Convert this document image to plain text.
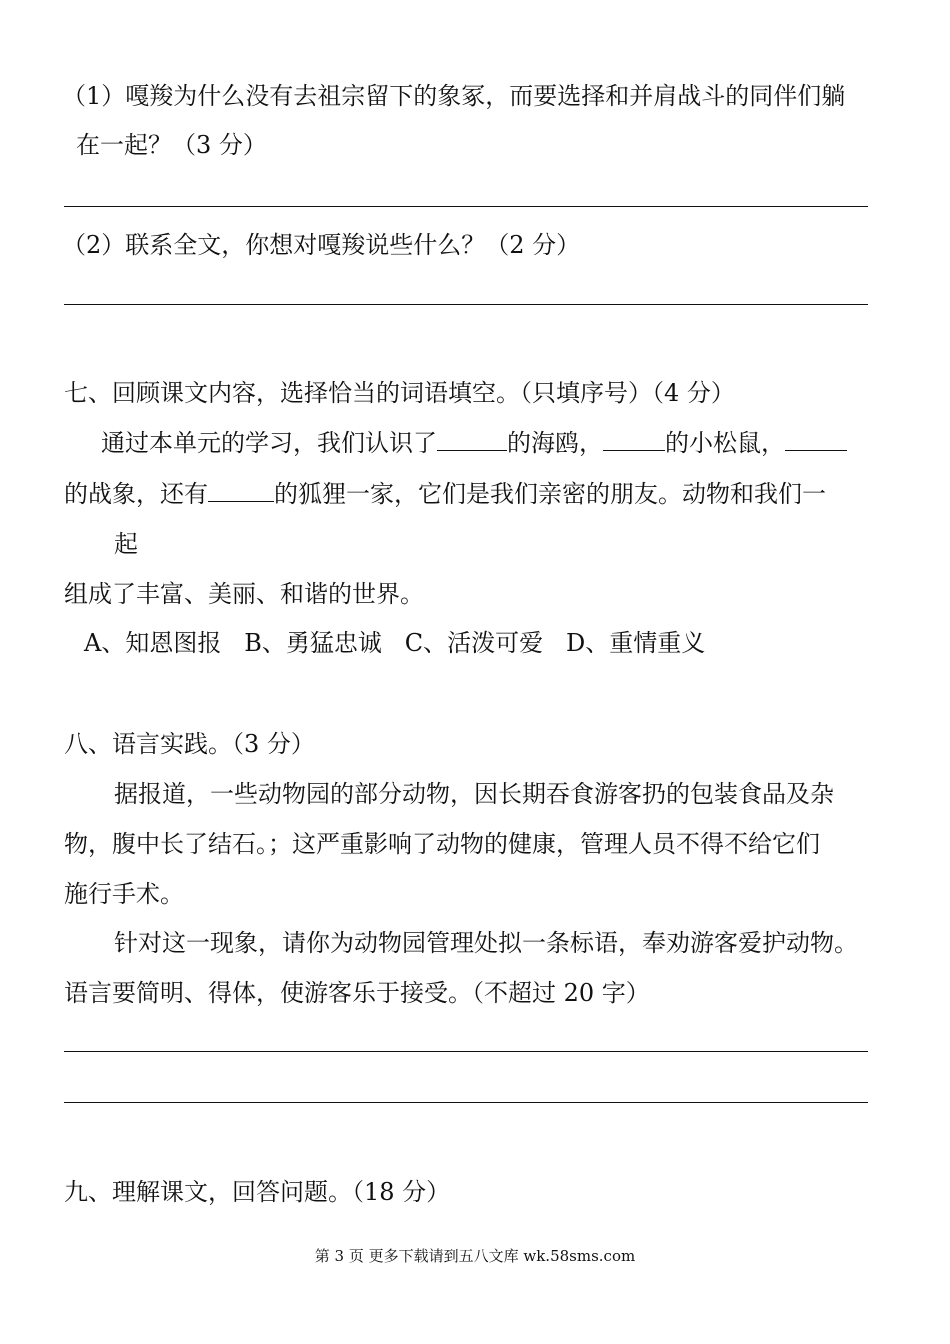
（1）嘎羧为什么没有去祖宗留下的象冢，而要选择和并肩战斗的同伴们躺
在一起？（3 分）
（2）联系全文，你想对嘎羧说些什么？（2 分）
七、回顾课文内容，选择恰当的词语填空。（只填序号）（4 分）
通过本单元的学习，我们认识了	的海鸥，	的小松鼠，
的战象，还有	的狐狸一家，它们是我们亲密的朋友。动物和我们一
起
组成了丰富、美丽、和谐的世界。
A、知恩图报   B、勇猛忠诚   C、活泼可爱   D、重情重义
八、语言实践。（3 分）
据报道，一些动物园的部分动物，因长期吞食游客扔的包装食品及杂
物，腹中长了结石。；这严重影响了动物的健康，管理人员不得不给它们
施行手术。
针对这一现象，请你为动物园管理处拟一条标语，奉劝游客爱护动物。
语言要简明、得体，使游客乐于接受。（不超过 20 字）
九、理解课文，回答问题。（18 分）
第 3 页 更多下载请到五八文库 wk.58sms.com
